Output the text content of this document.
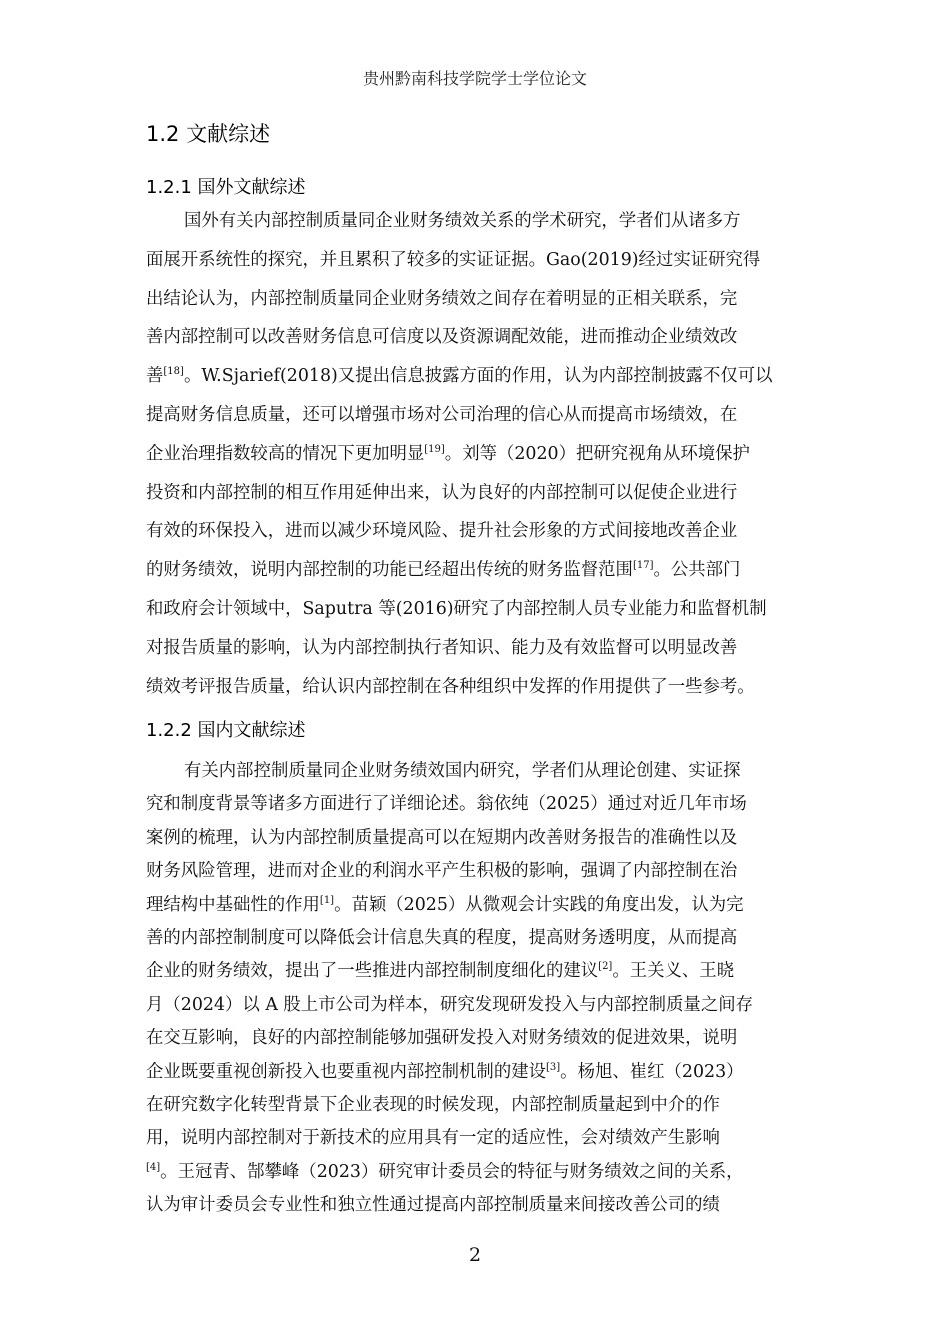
贵州黔南科技学院学士学位论文
1.2 文献综述
1.2.1 国外文献综述
国外有关内部控制质量同企业财务绩效关系的学术研究，学者们从诸多方
面展开系统性的探究，并且累积了较多的实证证据。Gao(2019)经过实证研究得
出结论认为，内部控制质量同企业财务绩效之间存在着明显的正相关联系，完
善内部控制可以改善财务信息可信度以及资源调配效能，进而推动企业绩效改
善[18]。W.Sjarief(2018)又提出信息披露方面的作用，认为内部控制披露不仅可以
提高财务信息质量，还可以增强市场对公司治理的信心从而提高市场绩效，在
企业治理指数较高的情况下更加明显[19]。刘等（2020）把研究视角从环境保护
投资和内部控制的相互作用延伸出来，认为良好的内部控制可以促使企业进行
有效的环保投入，进而以减少环境风险、提升社会形象的方式间接地改善企业
的财务绩效，说明内部控制的功能已经超出传统的财务监督范围[17]。公共部门
和政府会计领域中，Saputra 等(2016)研究了内部控制人员专业能力和监督机制
对报告质量的影响，认为内部控制执行者知识、能力及有效监督可以明显改善
绩效考评报告质量，给认识内部控制在各种组织中发挥的作用提供了一些参考。
1.2.2 国内文献综述
有关内部控制质量同企业财务绩效国内研究，学者们从理论创建、实证探
究和制度背景等诸多方面进行了详细论述。翁依纯（2025）通过对近几年市场
案例的梳理，认为内部控制质量提高可以在短期内改善财务报告的准确性以及
财务风险管理，进而对企业的利润水平产生积极的影响，强调了内部控制在治
理结构中基础性的作用[1]。苗颖（2025）从微观会计实践的角度出发，认为完
善的内部控制制度可以降低会计信息失真的程度，提高财务透明度，从而提高
企业的财务绩效，提出了一些推进内部控制制度细化的建议[2]。王关义、王晓
月（2024）以 A 股上市公司为样本，研究发现研发投入与内部控制质量之间存
在交互影响，良好的内部控制能够加强研发投入对财务绩效的促进效果，说明
企业既要重视创新投入也要重视内部控制机制的建设[3]。杨旭、崔红（2023）
在研究数字化转型背景下企业表现的时候发现，内部控制质量起到中介的作
用，说明内部控制对于新技术的应用具有一定的适应性，会对绩效产生影响
[4]。王冠青、郜攀峰（2023）研究审计委员会的特征与财务绩效之间的关系，
认为审计委员会专业性和独立性通过提高内部控制质量来间接改善公司的绩
2
